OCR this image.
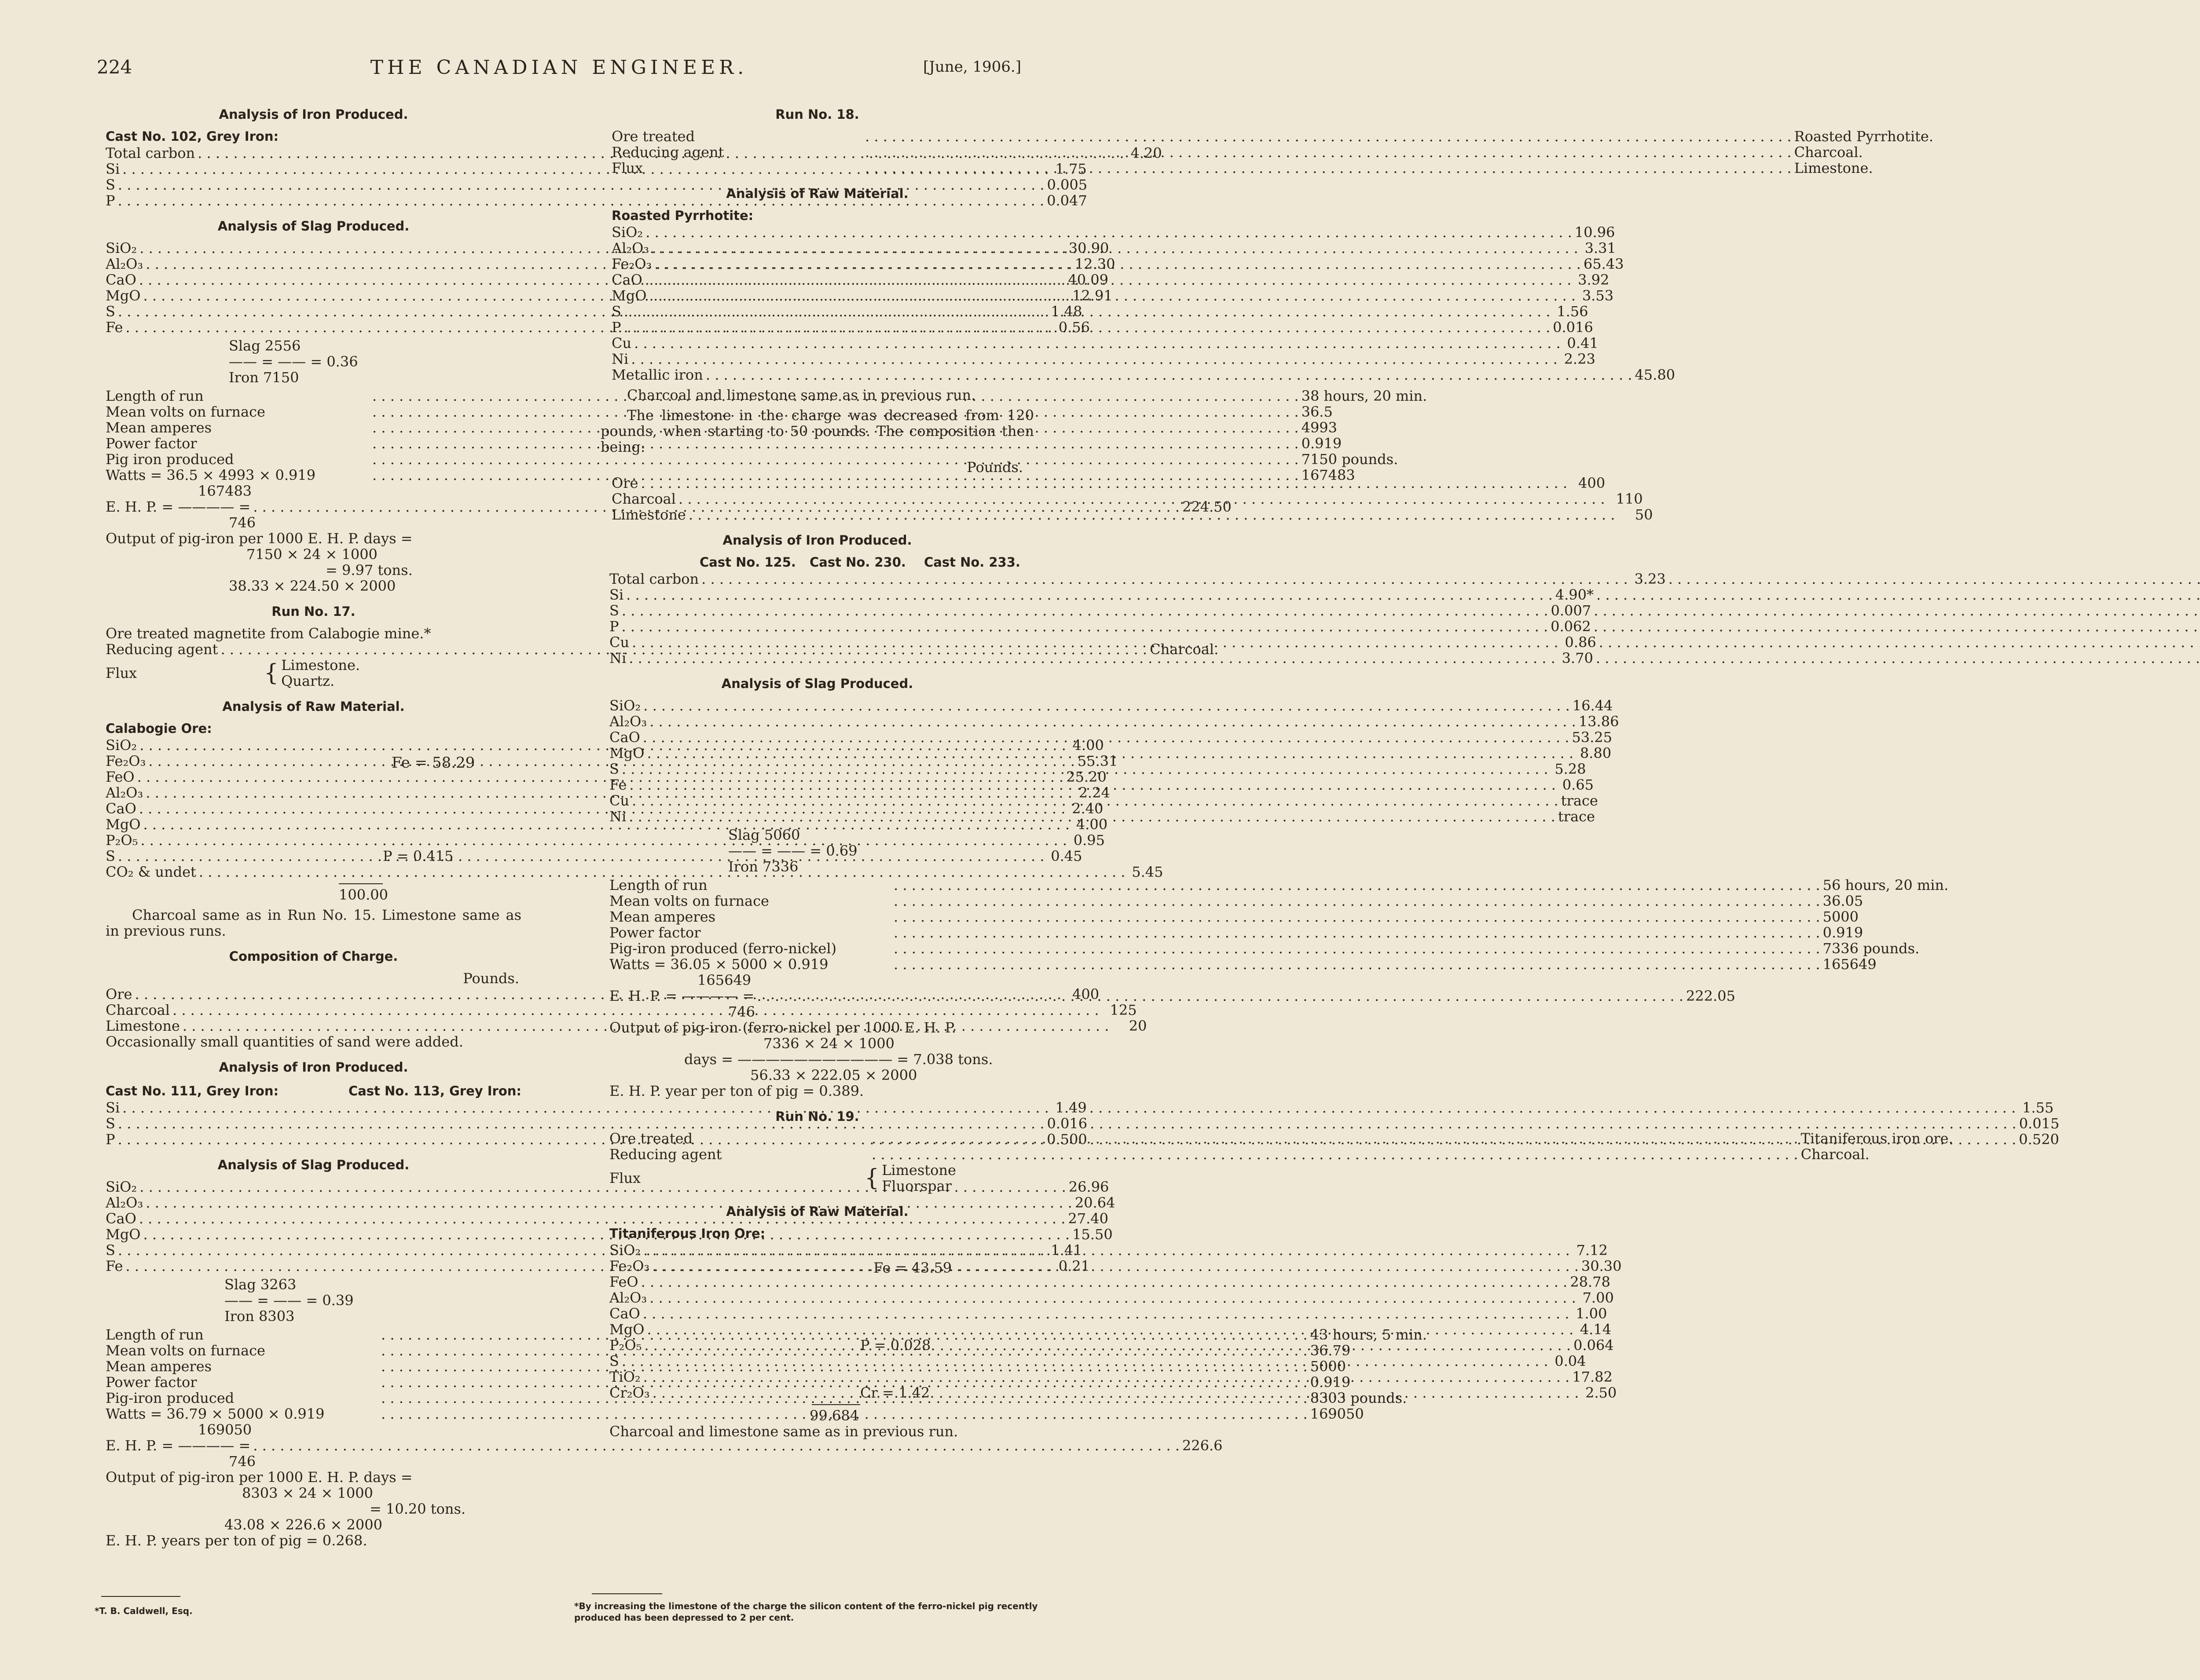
224	THE CANADIAN ENGINEER.	[June, 1906.]
Analysis of Iron Produced.
Cast No. 102, Grey Iron:
Total carbon . . .	4.20
Si . . .	1.75
S . . .	0.005
P . . .	0.047
Analysis of Slag Produced.
SiO₂ . . .	30.90
Al₂O₃ . . .	12.30
CaO . . .	40.09
MgO . . .	12.91
S . . .	1.48
Fe . . .	0.56
Slag 2556
—— = —— = 0.36
Iron 7150
Length of run . . .	38 hours, 20 min.
Mean volts on furnace . . .	36.5
Mean amperes . . .	4993
Power factor . . .	0.919
Pig iron produced . . .	7150 pounds.
Watts = 36.5 × 4993 × 0.919 . . .	167483
167483
E. H. P. = ———— = . . .	224.50
746
Output of pig-iron per 1000 E. H. P. days =
7150 × 24 × 1000
= 9.97 tons.
38.33 × 224.50 × 2000
Run No. 17.
Ore treated magnetite from Calabogie mine.*
Reducing agent . . .	Charcoal.
Flux	{ Limestone.
Quartz.
Analysis of Raw Material.
Calabogie Ore:
SiO₂ . . .	4.00
Fe₂O₃ . . .	55.31
FeO . . .	25.20
Al₂O₃ . . .	2.24
CaO . . .	2.40
MgO . . .	4.00
P₂O₅ . . .	0.95
S . . .	0.45
CO₂ & undet . . .	5.45
Fe = 58.29
P = 0.415
100.00
Charcoal same as in Run No. 15. Limestone same as in previous runs.
Composition of Charge.
Pounds.
Ore . . .	400
Charcoal . . .	125
Limestone . . .	20
Occasionally small quantities of sand were added.
Analysis of Iron Produced.
Cast No. 111, Grey Iron:	Cast No. 113, Grey Iron:
Si . . .	1.49 . . .	1.55
S . . .	0.016 . . .	0.015
P . . .	0.500 . . .	0.520
Analysis of Slag Produced.
SiO₂ . . .	26.96
Al₂O₃ . . .	20.64
CaO . . .	27.40
MgO . . .	15.50
S . . .	1.41
Fe . . .	0.21
Slag 3263
—— = —— = 0.39
Iron 8303
Length of run . . .	43 hours, 5 min.
Mean volts on furnace . . .	36.79
Mean amperes . . .	5000
Power factor . . .	0.919
Pig-iron produced . . .	8303 pounds.
Watts = 36.79 × 5000 × 0.919 . . .	169050
169050
E. H. P. = ———— = . . .	226.6
746
Output of pig-iron per 1000 E. H. P. days =
8303 × 24 × 1000
= 10.20 tons.
43.08 × 226.6 × 2000
E. H. P. years per ton of pig = 0.268.
*T. B. Caldwell, Esq.
Run No. 18.
Ore treated . . .	Roasted Pyrrhotite.
Reducing agent . . .	Charcoal.
Flux . . .	Limestone.
Analysis of Raw Material.
Roasted Pyrrhotite:
SiO₂ . . .	10.96
Al₂O₃ . . .	3.31
Fe₂O₃ . . .	65.43
CaO . . .	3.92
MgO . . .	3.53
S . . .	1.56
P . . .	0.016
Cu . . .	0.41
Ni . . .	2.23
Metallic iron . . .	45.80
Charcoal and limestone same as in previous run.
The limestone in the charge was decreased from 120 pounds, when starting to 50 pounds. The composition then being:
Pounds.
Ore . . .	400
Charcoal . . .	110
Limestone . . .	50
Analysis of Iron Produced.
Cast No. 125.	Cast No. 230.	Cast No. 233.
Total carbon . . .	3.23
. . .
Si . . .	4.90*
. . .
S . . .	0.007
. . .
P . . .	0.062
. . .
Cu . . .	0.86
. . .
Ni . . .	3.70
. . .
Analysis of Slag Produced.
SiO₂ . . .	16.44
Al₂O₃ . . .	13.86
CaO . . .	53.25
MgO . . .	8.80
S . . .	5.28
Fe . . .	0.65
Cu . . .	trace
Ni . . .	trace
Slag 5060
—— = —— = 0.69
Iron 7336
Length of run . . .	56 hours, 20 min.
Mean volts on furnace . . .	36.05
Mean amperes . . .	5000
Power factor . . .	0.919
Pig-iron produced (ferro-nickel) . . .	7336 pounds.
Watts = 36.05 × 5000 × 0.919 . . .	165649
165649
E. H. P. = ———— = . . .	222.05
746
Output of pig-iron (ferro-nickel per 1000 E. H. P.
7336 × 24 × 1000
days = ——————————— = 7.038 tons.
56.33 × 222.05 × 2000
E. H. P. year per ton of pig = 0.389.
Run No. 19.
Ore treated . . .	Titaniferous iron ore.
Reducing agent . . .	Charcoal.
Flux	{ Limestone
Fluorspar
Analysis of Raw Material.
Titaniferous Iron Ore:
SiO₂ . . .	7.12
Fe₂O₃ . . .	30.30
FeO . . .	28.78
Al₂O₃ . . .	7.00
CaO . . .	1.00
MgO . . .	4.14
P₂O₅ . . .	0.064
S . . .	0.04
TiO₂ . . .	17.82
Cr₂O₃ . . .	2.50
Fe = 43.59
P = 0.028
Cr = 1.42
99.684
Charcoal and limestone same as in previous run.
*By increasing the limestone of the charge the silicon content of the ferro-nickel pig recently produced has been depressed to 2 per cent.
